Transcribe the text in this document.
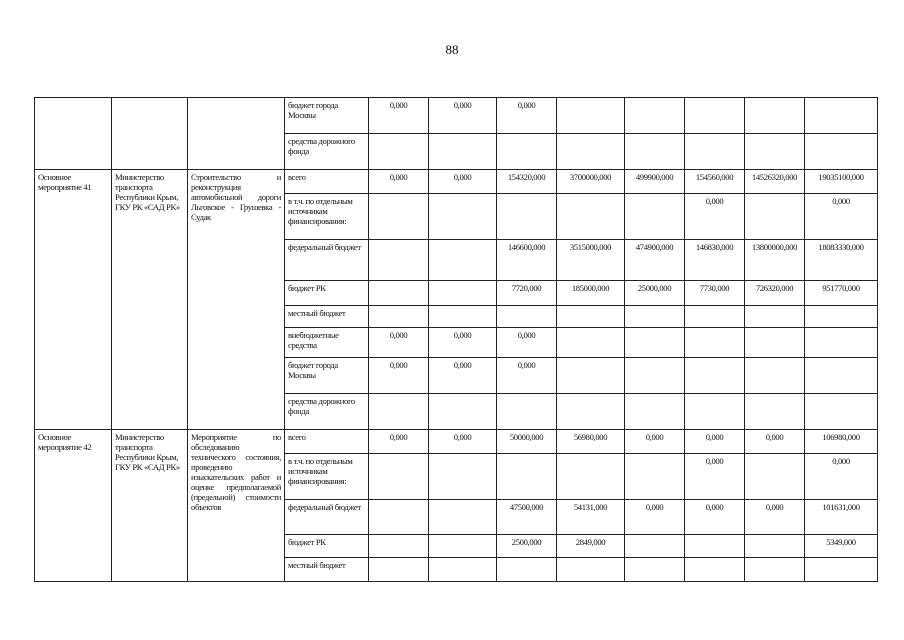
88
			бюджет города Москвы	0,000	0,000	0,000					
			средства дорожного фонда								
Основное мероприятие 41	Министерство транспорта Республики Крым, ГКУ РК «САД РК»	Строительство и реконструкция автомобильной дороги Льговское - Грушевка - Судак	всего	0,000	0,000	154320,000	3700000,000	499900,000	154560,000	14526320,000	19035100,000
			в т.ч. по отдельным источникам финансирования:						0,000		0,000
			федеральный бюджет			146600,000	3515000,000	474900,000	146830,000	13800000,000	18083330,000
			бюджет РК			7720,000	185000,000	25000,000	7730,000	726320,000	951770,000
			местный бюджет								
			внебюджетные средства	0,000	0,000	0,000					
			бюджет города Москвы	0,000	0,000	0,000					
			средства дорожного фонда								
Основное мероприятие 42	Министерство транспорта Республики Крым, ГКУ РК «САД РК»	Мероприятие по обследованию технического состояния, проведению изыскательских работ и оценке предполагаемой (предельной) стоимости объектов	всего	0,000	0,000	50000,000	56980,000	0,000	0,000	0,000	106980,000
			в т.ч. по отдельным источникам финансирования:						0,000		0,000
			федеральный бюджет			47500,000	54131,000	0,000	0,000	0,000	101631,000
			бюджет РК			2500,000	2849,000				5349,000
			местный бюджет								
